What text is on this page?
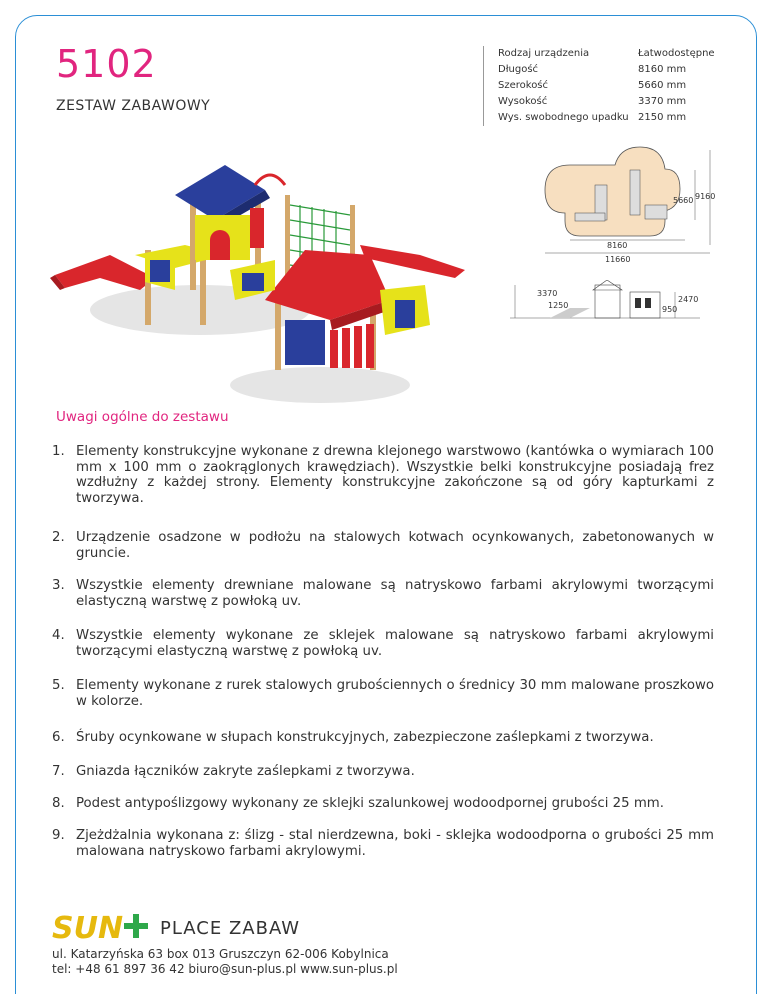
5102
ZESTAW ZABAWOWY
Rodzaj urządzenia	Łatwodostępne
Długość	8160 mm
Szerokość	5660 mm
Wysokość	3370 mm
Wys. swobodnego upadku 2150 mm
5660 9160
8160
11660
3370
1250
2470
950
Uwagi ogólne do zestawu
1. Elementy konstrukcyjne wykonane z drewna klejonego warstwowo (kantówka o wymiarach 100 mm x 100 mm o zaokrąglonych krawędziach). Wszystkie belki konstrukcyjne posiadają frez wzdłużny z każdej strony. Elementy konstrukcyjne zakończone są od góry kapturkami z tworzywa.
2. Urządzenie osadzone w podłożu na stalowych kotwach ocynkowanych, zabetonowanych w gruncie.
3. Wszystkie elementy drewniane malowane są natryskowo farbami akrylowymi tworzącymi elastyczną warstwę z powłoką uv.
4. Wszystkie elementy wykonane ze sklejek malowane są natryskowo farbami akrylowymi tworzącymi elastyczną warstwę z powłoką uv.
5. Elementy wykonane z rurek stalowych grubościennych o średnicy 30 mm malowane proszkowo w kolorze.
6. Śruby ocynkowane w słupach konstrukcyjnych, zabezpieczone zaślepkami z tworzywa.
7. Gniazda łączników zakryte zaślepkami z tworzywa.
8. Podest antypoślizgowy wykonany ze sklejki szalunkowej wodoodpornej grubości 25 mm.
9. Zjeżdżalnia wykonana z: ślizg - stal nierdzewna, boki - sklejka wodoodporna o grubości 25 mm malowana natryskowo farbami akrylowymi.
SUN PLACE ZABAW
ul. Katarzyńska 63 box 013 Gruszczyn 62-006 Kobylnica
tel: +48 61 897 36 42 biuro@sun-plus.pl www.sun-plus.pl
